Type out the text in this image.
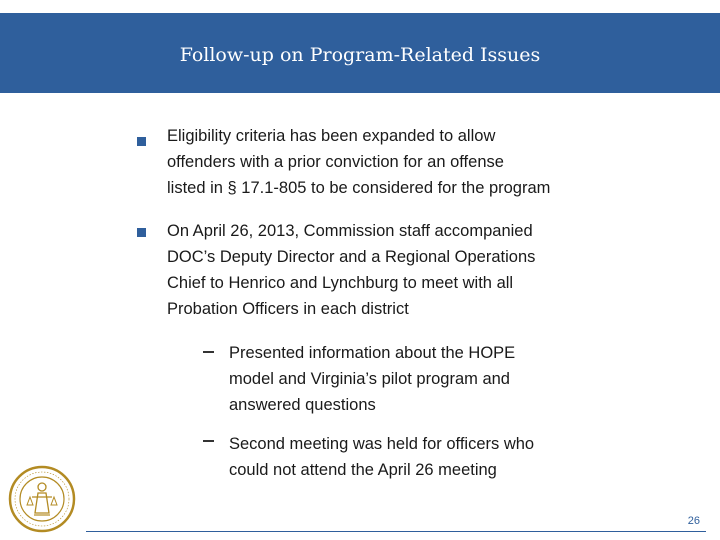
Follow-up on Program-Related Issues
Eligibility criteria has been expanded to allow
offenders with a prior conviction for an offense
listed in § 17.1-805 to be considered for the program
On April 26, 2013, Commission staff accompanied
DOC’s Deputy Director and a Regional Operations
Chief to Henrico and Lynchburg to meet with all
Probation Officers in each district
Presented information about the HOPE
model and Virginia’s pilot program and
answered questions
Second meeting was held for officers who
could not attend the April 26 meeting
26
